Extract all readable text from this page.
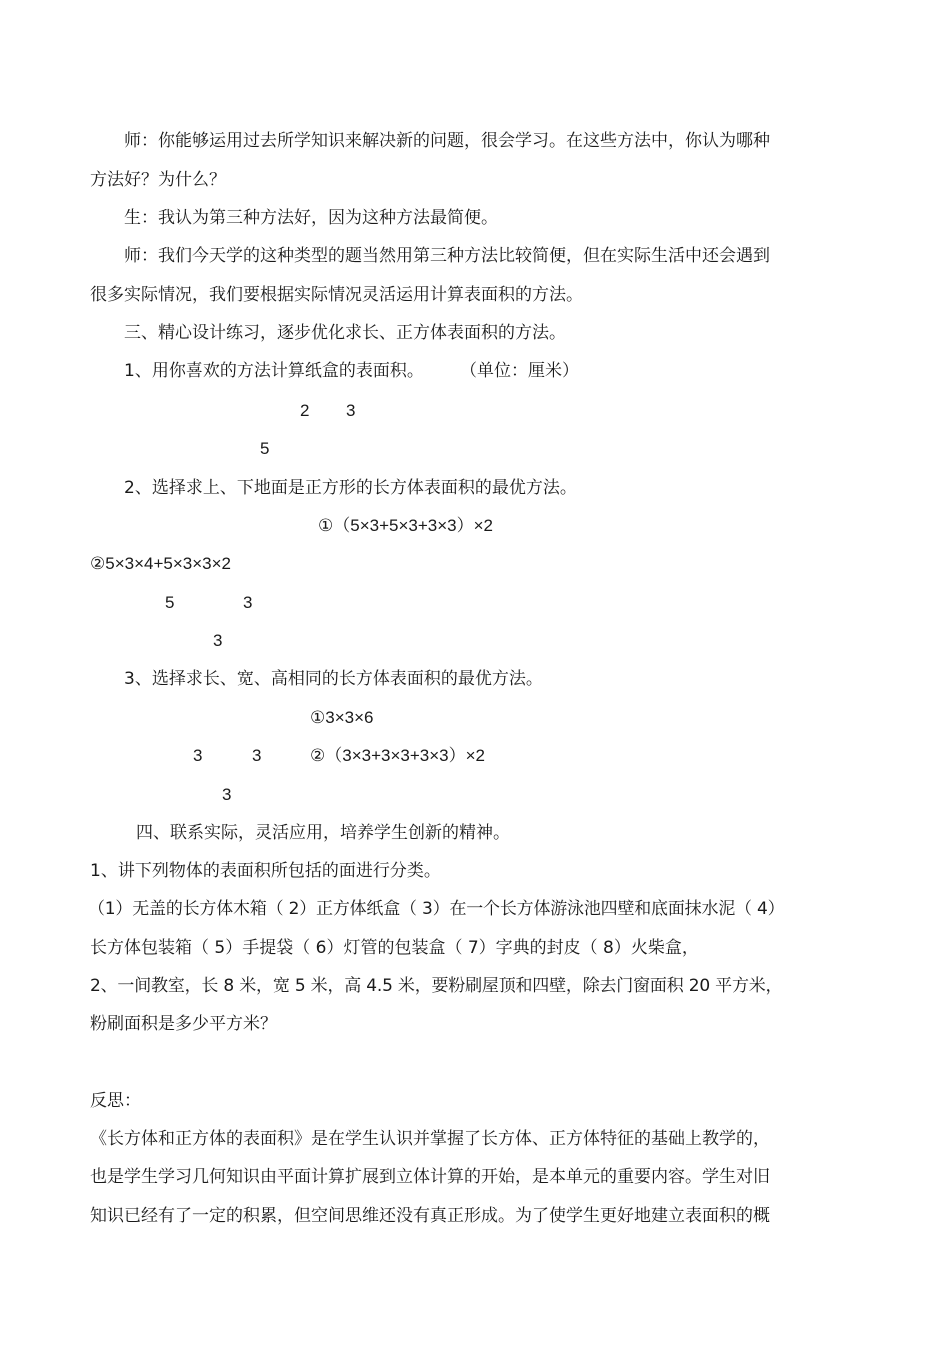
师：你能够运用过去所学知识来解决新的问题，很会学习。在这些方法中，你认为哪种
方法好？为什么？
生：我认为第三种方法好，因为这种方法最简便。
师：我们今天学的这种类型的题当然用第三种方法比较简便，但在实际生活中还会遇到
很多实际情况，我们要根据实际情况灵活运用计算表面积的方法。
三、精心设计练习，逐步优化求长、正方体表面积的方法。
1、用你喜欢的方法计算纸盒的表面积。 （单位：厘米）
2 3
5
2、选择求上、下地面是正方形的长方体表面积的最优方法。
①（5×3+5×3+3×3）×2
②5×3×4+5×3×3×2
5	3
3
3、选择求长、宽、高相同的长方体表面积的最优方法。
①3×3×6
3	3	②（3×3+3×3+3×3）×2
3
四、联系实际，灵活应用，培养学生创新的精神。
1、讲下列物体的表面积所包括的面进行分类。
（1）无盖的长方体木箱（ 2）正方体纸盒（ 3）在一个长方体游泳池四壁和底面抹水泥（ 4）
长方体包装箱（ 5）手提袋（ 6）灯管的包装盒（ 7）字典的封皮（ 8）火柴盒，
2、一间教室，长 8 米，宽 5 米，高 4.5 米，要粉刷屋顶和四壁，除去门窗面积 20 平方米，
粉刷面积是多少平方米？
反思：
《长方体和正方体的表面积》是在学生认识并掌握了长方体、正方体特征的基础上教学的，
也是学生学习几何知识由平面计算扩展到立体计算的开始，是本单元的重要内容。学生对旧
知识已经有了一定的积累，但空间思维还没有真正形成。为了使学生更好地建立表面积的概
